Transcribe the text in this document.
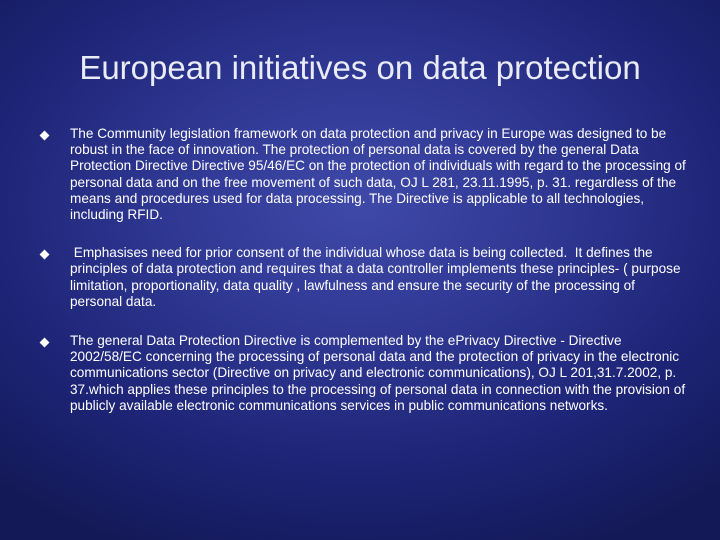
European initiatives on data protection
The Community legislation framework on data protection and privacy in Europe was designed to be robust in the face of innovation. The protection of personal data is covered by the general Data Protection Directive Directive 95/46/EC on the protection of individuals with regard to the processing of personal data and on the free movement of such data, OJ L 281, 23.11.1995, p. 31. regardless of the means and procedures used for data processing. The Directive is applicable to all technologies, including RFID.
Emphasises need for prior consent of the individual whose data is being collected.  It defines the principles of data protection and requires that a data controller implements these principles- ( purpose limitation, proportionality, data quality , lawfulness and ensure the security of the processing of personal data.
The general Data Protection Directive is complemented by the ePrivacy Directive - Directive 2002/58/EC concerning the processing of personal data and the protection of privacy in the electronic communications sector (Directive on privacy and electronic communications), OJ L 201,31.7.2002, p. 37.which applies these principles to the processing of personal data in connection with the provision of publicly available electronic communications services in public communications networks.
